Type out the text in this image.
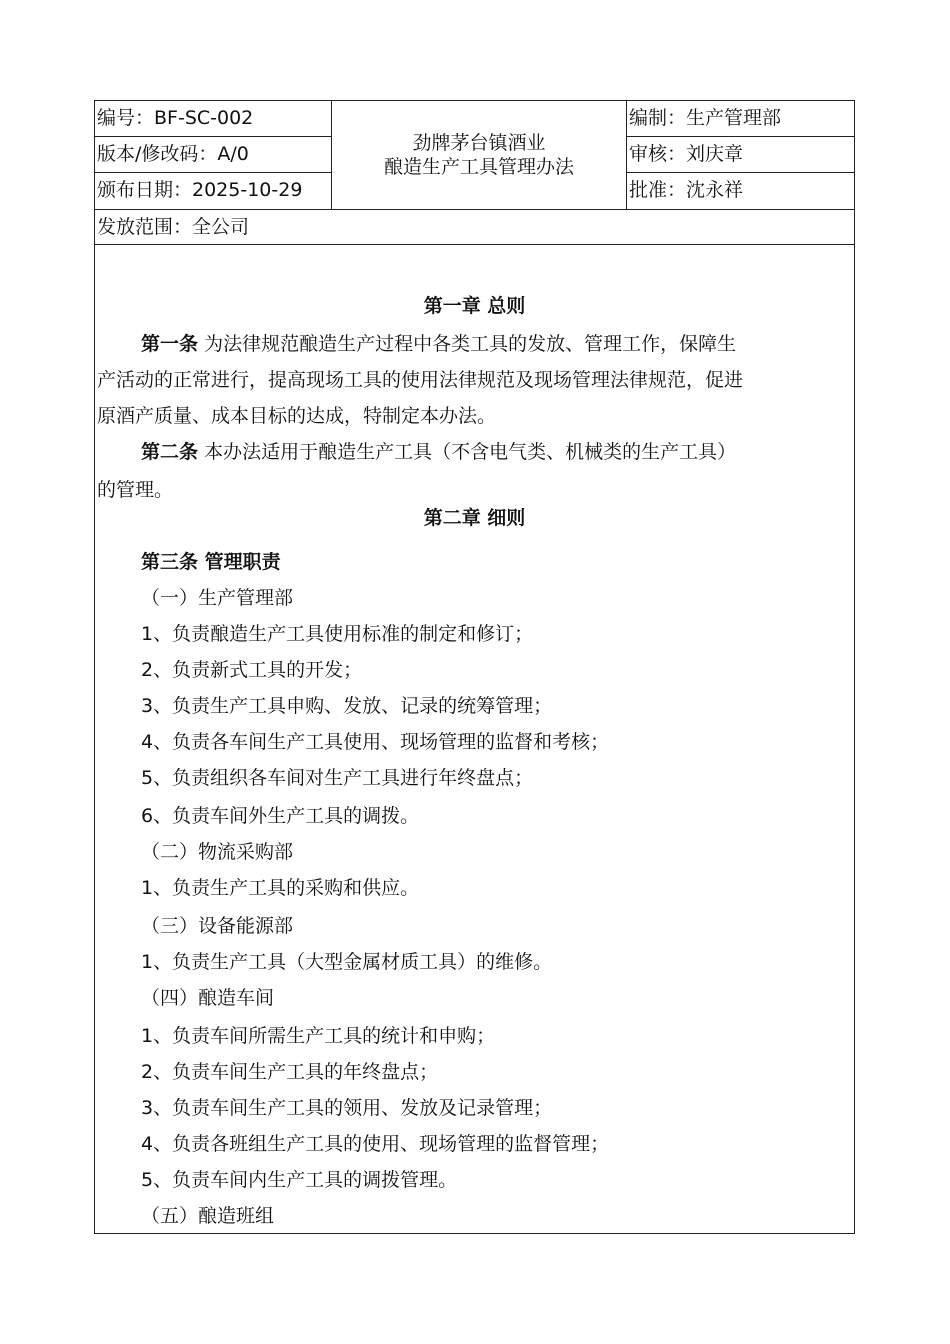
编号：BF-SC-002
版本/修改码：A/0
颁布日期：2025-10-29
劲牌茅台镇酒业
酿造生产工具管理办法
编制：生产管理部
审核：刘庆章
批准：沈永祥
发放范围：全公司
第一章 总则
第一条 为法律规范酿造生产过程中各类工具的发放、管理工作，保障生
产活动的正常进行，提高现场工具的使用法律规范及现场管理法律规范，促进
原酒产质量、成本目标的达成，特制定本办法。
第二条 本办法适用于酿造生产工具（不含电气类、机械类的生产工具）
的管理。
第二章 细则
第三条 管理职责
（一）生产管理部
1、负责酿造生产工具使用标准的制定和修订；
2、负责新式工具的开发；
3、负责生产工具申购、发放、记录的统筹管理；
4、负责各车间生产工具使用、现场管理的监督和考核；
5、负责组织各车间对生产工具进行年终盘点；
6、负责车间外生产工具的调拨。
（二）物流采购部
1、负责生产工具的采购和供应。
（三）设备能源部
1、负责生产工具（大型金属材质工具）的维修。
（四）酿造车间
1、负责车间所需生产工具的统计和申购；
2、负责车间生产工具的年终盘点；
3、负责车间生产工具的领用、发放及记录管理；
4、负责各班组生产工具的使用、现场管理的监督管理；
5、负责车间内生产工具的调拨管理。
（五）酿造班组
